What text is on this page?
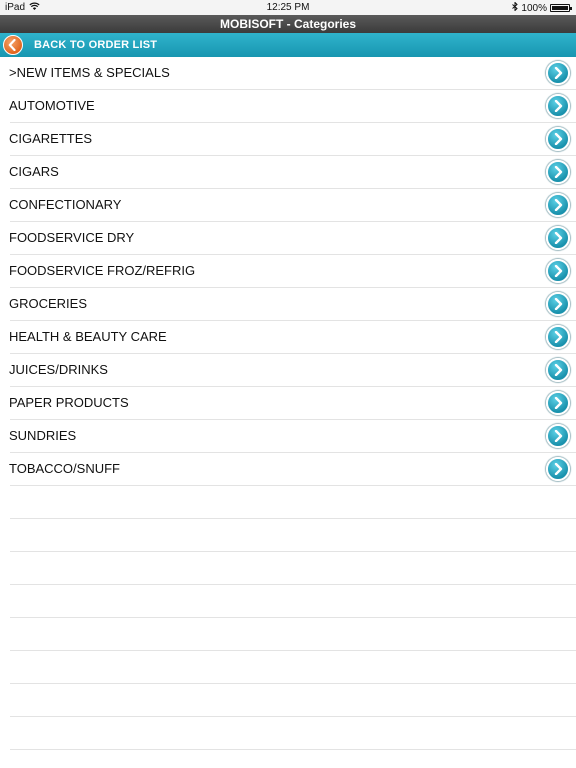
iPad	12:25 PM	100%
MOBISOFT - Categories
BACK TO ORDER LIST
>NEW ITEMS & SPECIALS
AUTOMOTIVE
CIGARETTES
CIGARS
CONFECTIONARY
FOODSERVICE DRY
FOODSERVICE FROZ/REFRIG
GROCERIES
HEALTH & BEAUTY CARE
JUICES/DRINKS
PAPER PRODUCTS
SUNDRIES
TOBACCO/SNUFF
